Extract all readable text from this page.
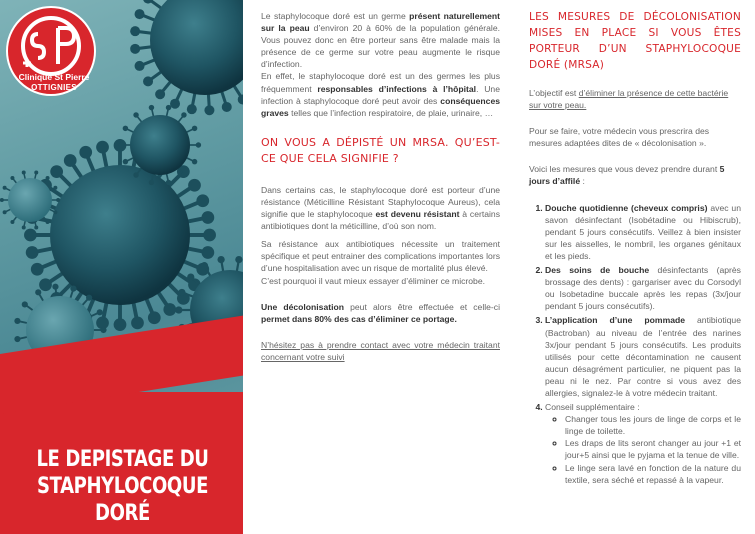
Clinique St Pierre
OTTIGNIES
LE DEPISTAGE DU
STAPHYLOCOQUE DORÉ

Le staphylocoque doré est un germe présent naturellement sur la peau d’environ 20 à 60% de la population générale. Vous pouvez donc en être porteur sans être malade mais la présence de ce germe sur votre peau augmente le risque d’infection.

En effet, le staphylocoque doré est un des germes les plus fréquemment responsables d’infections à l’hôpital. Une infection à staphylocoque doré peut avoir des conséquences graves telles que l’infection respiratoire, de plaie, urinaire, …

ON VOUS A DÉPISTÉ UN MRSA. QU’EST-CE QUE CELA SIGNIFIE ?

Dans certains cas, le staphylocoque doré est porteur d’une résistance (Méticilline Résistant Staphylocoque Aureus), cela signifie que le staphylocoque est devenu résistant à certains antibiotiques dont la méticilline, d’où son nom.

Sa résistance aux antibiotiques nécessite un traitement spécifique et peut entrainer des complications importantes lors d’une hospitalisation avec un risque de mortalité plus élevé.

C’est pourquoi il vaut mieux essayer d’éliminer ce microbe.

Une décolonisation peut alors être effectuée et celle-ci permet dans 80% des cas d’éliminer ce portage.

N’hésitez pas à prendre contact avec votre médecin traitant concernant votre suivi

LES MESURES DE DÉCOLONISATION MISES EN PLACE SI VOUS ÊTES PORTEUR D’UN STAPHYLOCOQUE DORÉ (MRSA)

L’objectif est d’éliminer la présence de cette bactérie sur votre peau.

Pour se faire, votre médecin vous prescrira des mesures adaptées dites de « décolonisation ».

Voici les mesures que vous devez prendre durant 5 jours d’affilé :

1. Douche quotidienne (cheveux compris) avec un savon désinfectant (Isobétadine ou Hibiscrub), pendant 5 jours consécutifs. Veillez à bien insister sur les aisselles, le nombril, les organes génitaux et les pieds.
2. Des soins de bouche désinfectants (après brossage des dents) : gargariser avec du Corsodyl ou Isobetadine buccale après les repas (3x/jour pendant 5 jours consécutifs).
3. L’application d’une pommade antibiotique (Bactroban) au niveau de l’entrée des narines 3x/jour pendant 5 jours consécutifs. Les produits utilisés pour cette décontamination ne causent aucun désagrément particulier, ne piquent pas la peau ni le nez. Par contre si vous avez des allergies, signalez-le à votre médecin traitant.
4. Conseil supplémentaire :
◦ Changer tous les jours de linge de corps et le linge de toilette.
◦ Les draps de lits seront changer au jour +1 et jour+5 ainsi que le pyjama et la tenue de ville.
◦ Le linge sera lavé en fonction de la nature du textile, sera séché et repassé à la vapeur.
